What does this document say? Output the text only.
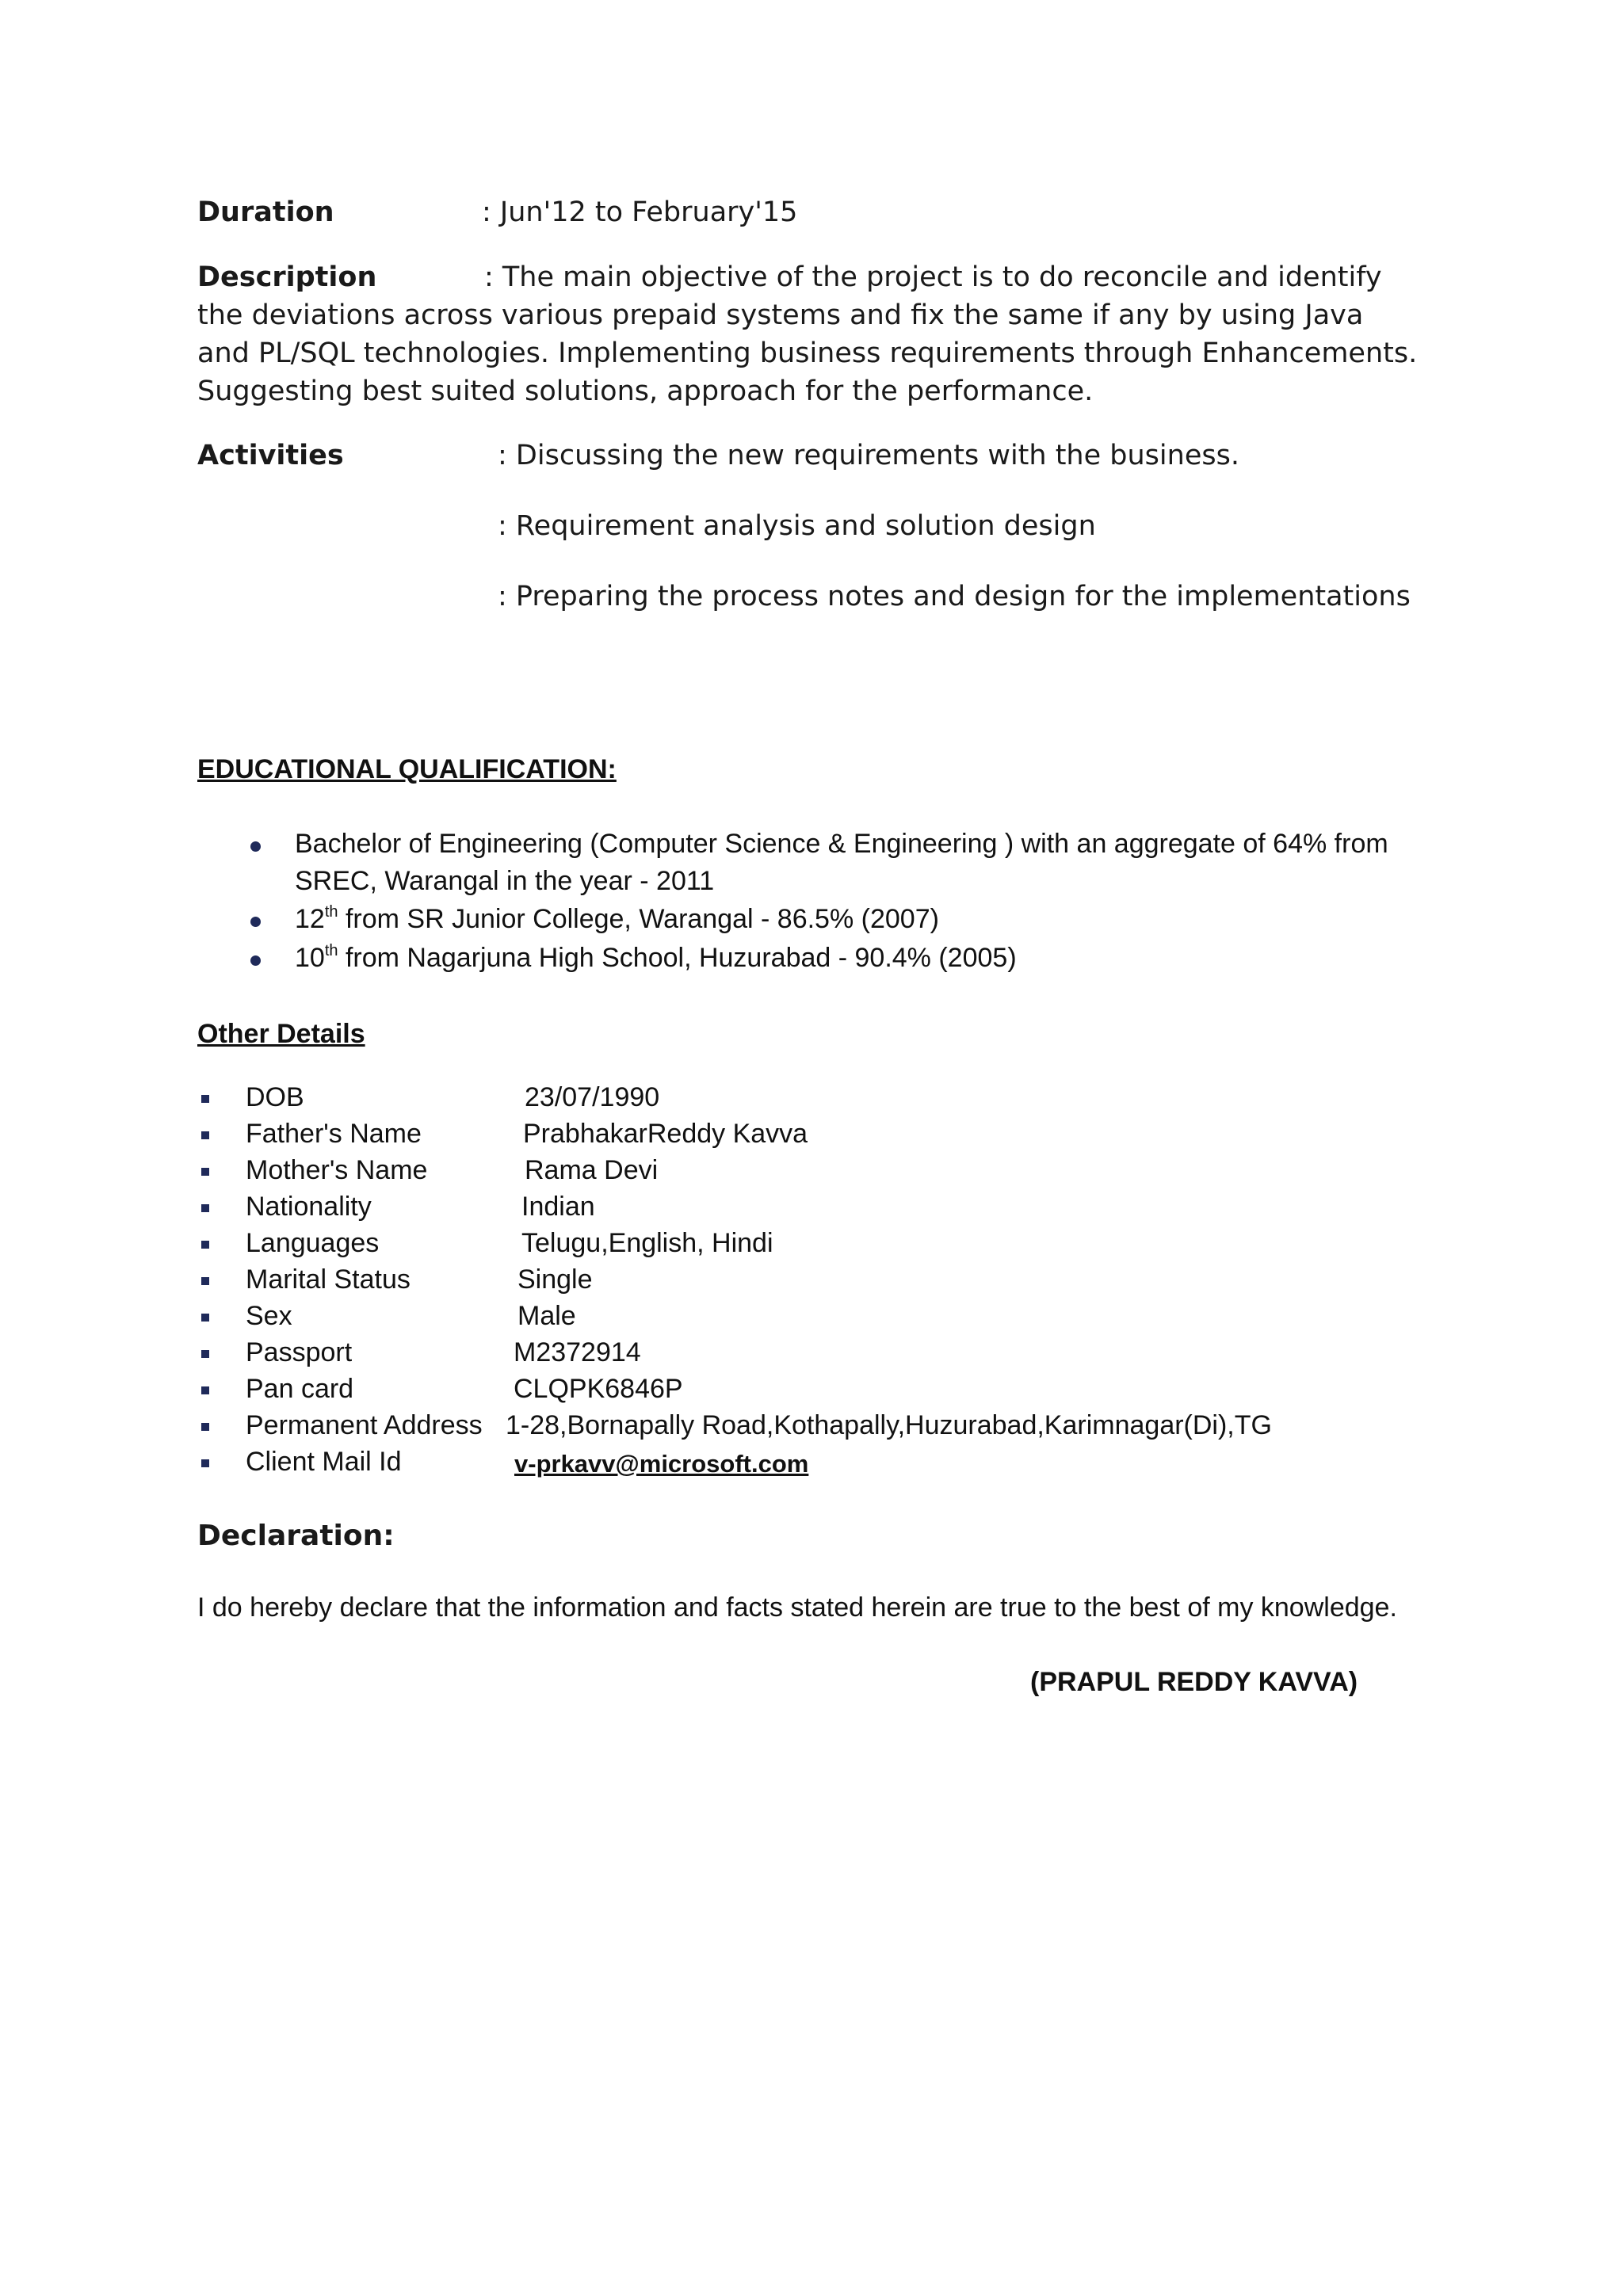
Duration	: Jun'12 to February'15
Description	: The main objective of the project is to do reconcile and identify the deviations across various prepaid systems and fix the same if any by using Java and PL/SQL technologies. Implementing business requirements through Enhancements. Suggesting best suited solutions, approach for the performance.
Activities	: Discussing the new requirements with the business.
: Requirement analysis and solution design
: Preparing the process notes and design for the implementations
EDUCATIONAL QUALIFICATION:
Bachelor of Engineering (Computer Science & Engineering ) with an aggregate of 64% from
SREC, Warangal in the year - 2011
12th from SR Junior College, Warangal - 86.5% (2007)
10th from Nagarjuna High School, Huzurabad - 90.4% (2005)
Other Details
DOB	23/07/1990
Father's Name	PrabhakarReddy Kavva
Mother's Name	Rama Devi
Nationality	Indian
Languages	Telugu,English, Hindi
Marital Status	Single
Sex	Male
Passport	M2372914
Pan card	CLQPK6846P
Permanent Address 1-28,Bornapally Road,Kothapally,Huzurabad,Karimnagar(Di),TG
Client Mail Id	v-prkavv@microsoft.com
Declaration:
I do hereby declare that the information and facts stated herein are true to the best of my knowledge.
(PRAPUL REDDY KAVVA)
